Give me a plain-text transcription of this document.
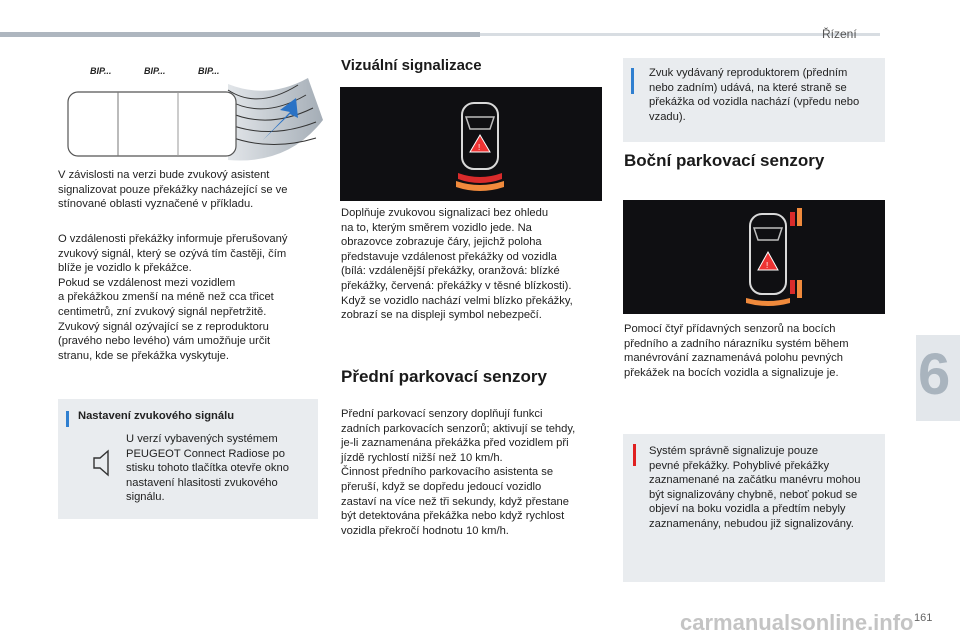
Řízení
BIP...	BIP...	BIP...

V závislosti na verzi bude zvukový asistent
signalizovat pouze překážky nacházející se ve
stínované oblasti vyznačené v příkladu.

O vzdálenosti překážky informuje přerušovaný
zvukový signál, který se ozývá tím častěji, čím
blíže je vozidlo k překážce.
Pokud se vzdálenost mezi vozidlem
a překážkou zmenší na méně než cca třicet
centimetrů, zní zvukový signál nepřetržitě.
Zvukový signál ozývající se z reproduktoru
(pravého nebo levého) vám umožňuje určit
stranu, kde se překážka vyskytuje.

Nastavení zvukového signálu

U verzí vybavených systémem
PEUGEOT Connect Radiose po
stisku tohoto tlačítka otevře okno
nastavení hlasitosti zvukového
signálu.

Vizuální signalizace
!

Doplňuje zvukovou signalizaci bez ohledu
na to, kterým směrem vozidlo jede. Na
obrazovce zobrazuje čáry, jejichž poloha
představuje vzdálenost překážky od vozidla
(bílá: vzdálenější překážky, oranžová: blízké
překážky, červená: překážky v těsné blízkosti).
Když se vozidlo nachází velmi blízko překážky,
zobrazí se na displeji symbol nebezpečí.

Přední parkovací senzory

Přední parkovací senzory doplňují funkci
zadních parkovacích senzorů; aktivují se tehdy,
je-li zaznamenána překážka před vozidlem při
jízdě rychlostí nižší než 10 km/h.
Činnost předního parkovacího asistenta se
přeruší, když se dopředu jedoucí vozidlo
zastaví na více než tři sekundy, když přestane
být detektována překážka nebo když rychlost
vozidla překročí hodnotu 10 km/h.

Zvuk vydávaný reproduktorem (předním
nebo zadním) udává, na které straně se
překážka od vozidla nachází (vpředu nebo
vzadu).

Boční parkovací senzory
!

Pomocí čtyř přídavných senzorů na bocích
předního a zadního nárazníku systém během
manévrování zaznamenává polohu pevných
překážek na bocích vozidla a signalizuje je.

Systém správně signalizuje pouze
pevné překážky. Pohyblivé překážky
zaznamenané na začátku manévru mohou
být signalizovány chybně, neboť pokud se
objeví na boku vozidla a předtím nebyly
zaznamenány, nebudou již signalizovány.

6
carmanualsonline.info 161
